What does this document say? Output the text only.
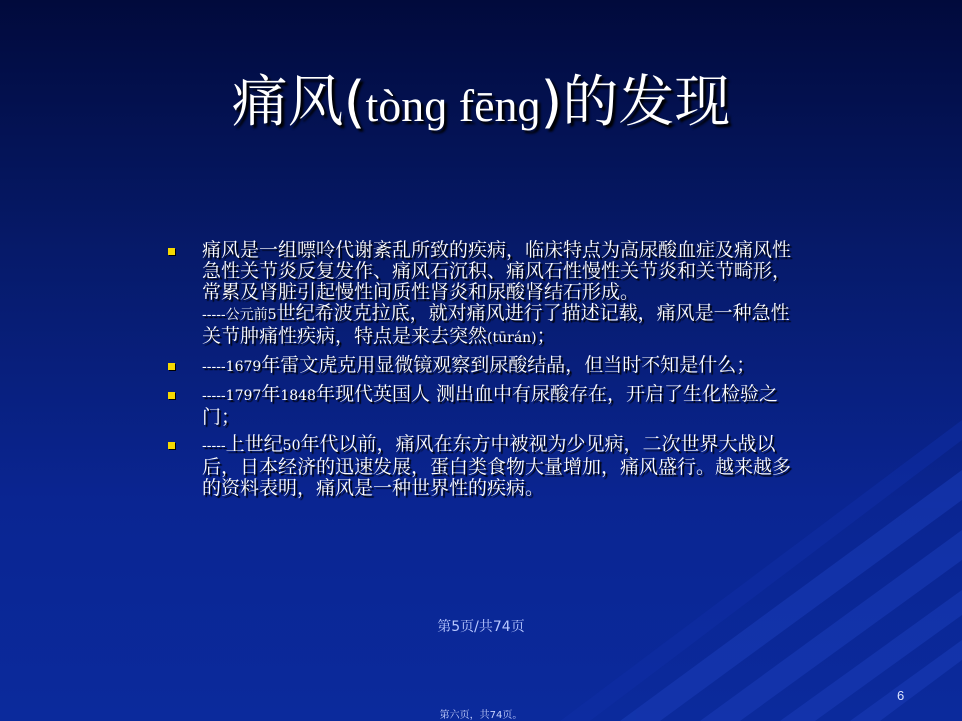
痛风(tònɡ fēnɡ)的发现
痛风是一组嘌呤代谢紊乱所致的疾病，临床特点为高尿酸血症及痛风性急性关节炎反复发作、痛风石沉积、痛风石性慢性关节炎和关节畸形，常累及肾脏引起慢性间质性肾炎和尿酸肾结石形成。
-----公元前5世纪希波克拉底，就对痛风进行了描述记载，痛风是一种急性关节肿痛性疾病，特点是来去突然(tūrán)；
-----1679年雷文虎克用显微镜观察到尿酸结晶，但当时不知是什么；
-----1797年1848年现代英国人 测出血中有尿酸存在，开启了生化检验之门；
-----上世纪50年代以前，痛风在东方中被视为少见病，二次世界大战以后，日本经济的迅速发展，蛋白类食物大量增加，痛风盛行。越来越多的资料表明，痛风是一种世界性的疾病。
第5页/共74页
6
第六页，共74页。
